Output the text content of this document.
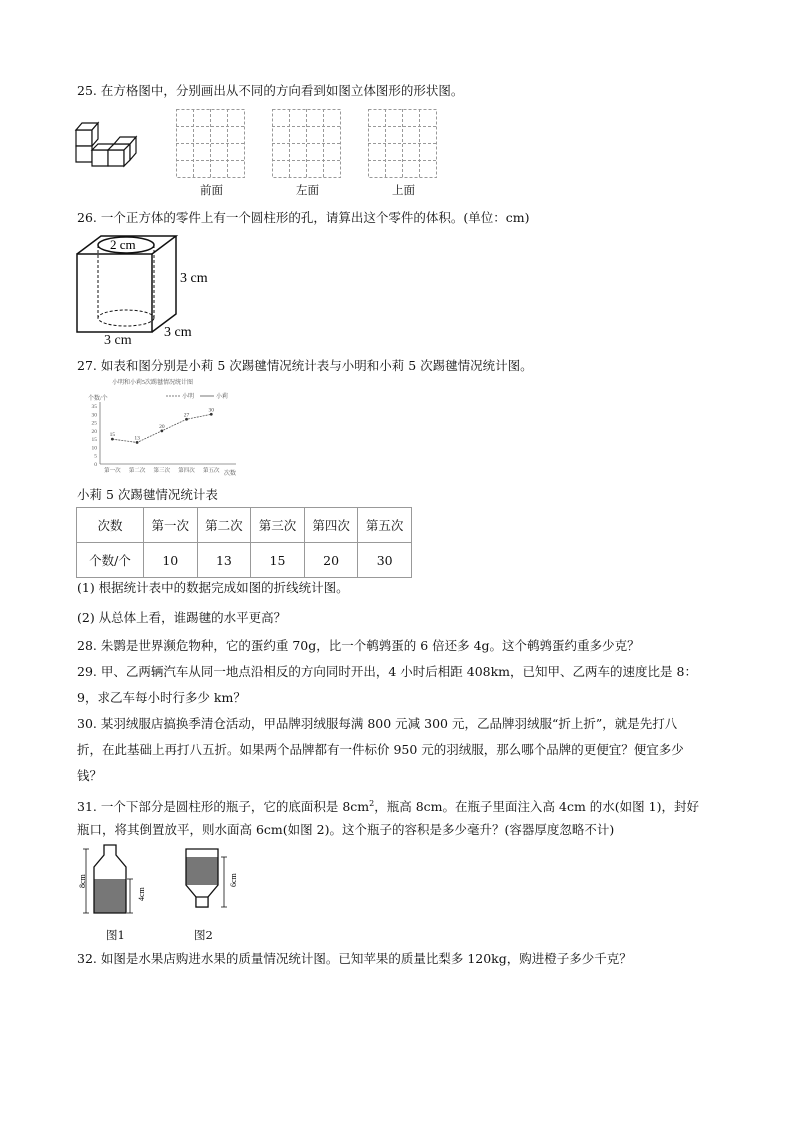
25. 在方格图中，分别画出从不同的方向看到如图立体图形的形状图。
前面	左面	上面
26. 一个正方体的零件上有一个圆柱形的孔，请算出这个零件的体积。(单位：cm)
2 cm
3 cm
3 cm
3 cm
27. 如表和图分别是小莉 5 次踢毽情况统计表与小明和小莉 5 次踢毽情况统计图。
小明和小莉5次踢毽情况统计图
小明	小莉
个数/个
0
5
10
15
20
25
30
35
第一次 第二次 第三次 第四次 第五次
15
13
20
27
30
次数
小莉 5 次踢毽情况统计表
次数	第一次	第二次	第三次	第四次	第五次
个数/个	10	13	15	20	30
(1) 根据统计表中的数据完成如图的折线统计图。
(2) 从总体上看，谁踢毽的水平更高？
28. 朱鹮是世界濒危物种，它的蛋约重 70g，比一个鹌鹑蛋的 6 倍还多 4g。这个鹌鹑蛋约重多少克？
29. 甲、乙两辆汽车从同一地点沿相反的方向同时开出，4 小时后相距 408km，已知甲、乙两车的速度比是 8：
9，求乙车每小时行多少 km？
30. 某羽绒服店搞换季清仓活动，甲品牌羽绒服每满 800 元减 300 元，乙品牌羽绒服“折上折”，就是先打八
折，在此基础上再打八五折。如果两个品牌都有一件标价 950 元的羽绒服，那么哪个品牌的更便宜？便宜多少
钱？
31. 一个下部分是圆柱形的瓶子，它的底面积是 $8cm^2$，瓶高 8cm。在瓶子里面注入高 4cm 的水(如图 1)，封好
瓶口，将其倒置放平，则水面高 6cm(如图 2)。这个瓶子的容积是多少毫升？(容器厚度忽略不计)
8cm
4cm
图1
6cm
图2
32. 如图是水果店购进水果的质量情况统计图。已知苹果的质量比梨多 120kg，购进橙子多少千克？
